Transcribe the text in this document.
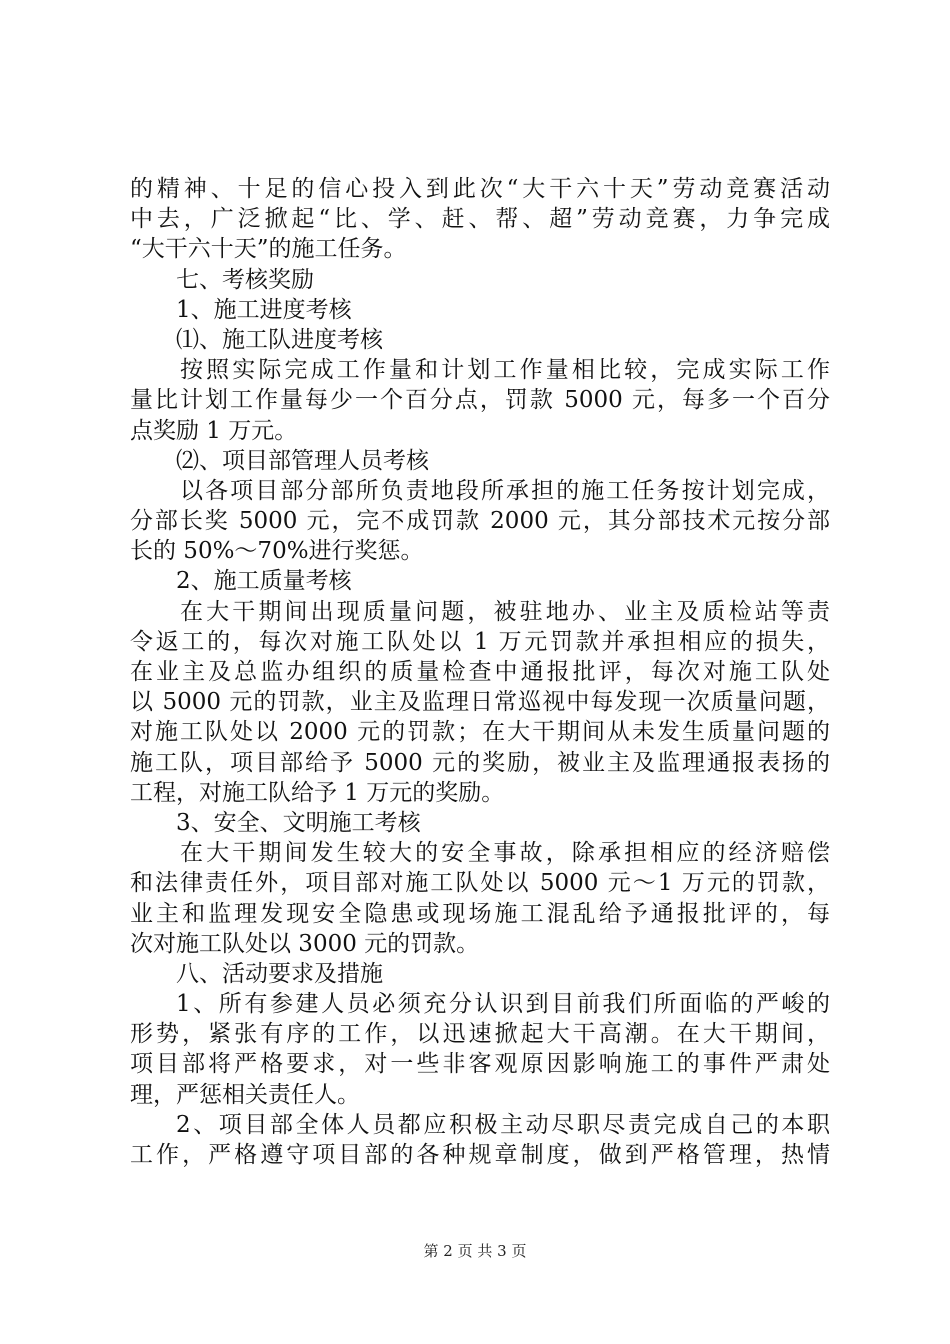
的精神、十足的信心投入到此次“大干六十天”劳动竞赛活动
中去，广泛掀起“比、学、赶、帮、超”劳动竞赛，力争完成
“大干六十天”的施工任务。
七、考核奖励
1、施工进度考核
⑴、施工队进度考核
按照实际完成工作量和计划工作量相比较，完成实际工作
量比计划工作量每少一个百分点，罚款 5000 元，每多一个百分
点奖励 1 万元。
⑵、项目部管理人员考核
以各项目部分部所负责地段所承担的施工任务按计划完成，
分部长奖 5000 元，完不成罚款 2000 元，其分部技术元按分部
长的 50%～70%进行奖惩。
2、施工质量考核
在大干期间出现质量问题，被驻地办、业主及质检站等责
令返工的，每次对施工队处以 1 万元罚款并承担相应的损失，
在业主及总监办组织的质量检查中通报批评，每次对施工队处
以 5000 元的罚款，业主及监理日常巡视中每发现一次质量问题，
对施工队处以 2000 元的罚款；在大干期间从未发生质量问题的
施工队，项目部给予 5000 元的奖励，被业主及监理通报表扬的
工程，对施工队给予 1 万元的奖励。
3、安全、文明施工考核
在大干期间发生较大的安全事故，除承担相应的经济赔偿
和法律责任外，项目部对施工队处以 5000 元～1 万元的罚款，
业主和监理发现安全隐患或现场施工混乱给予通报批评的，每
次对施工队处以 3000 元的罚款。
八、活动要求及措施
1、所有参建人员必须充分认识到目前我们所面临的严峻的
形势，紧张有序的工作，以迅速掀起大干高潮。在大干期间，
项目部将严格要求，对一些非客观原因影响施工的事件严肃处
理，严惩相关责任人。
2、项目部全体人员都应积极主动尽职尽责完成自己的本职
工作，严格遵守项目部的各种规章制度，做到严格管理，热情
第 2 页 共 3 页
